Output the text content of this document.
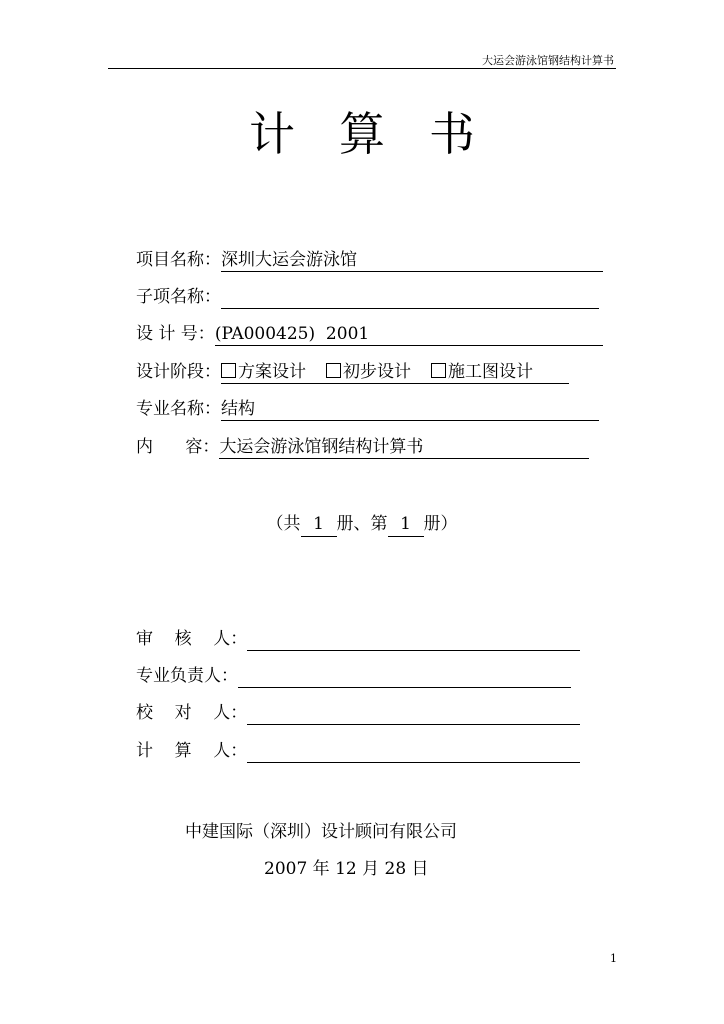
大运会游泳馆钢结构计算书
计算书
项目名称： 深圳大运会游泳馆
子项名称：
设 计 号： (PA000425)  2001
设计阶段：	方案设计 初步设计 施工图设计
专业名称： 结构
内      容： 大运会游泳馆钢结构计算书
（共 1 册、第 1 册）
审    核    人：
专业负责人：
校    对    人：
计    算    人：
中建国际（深圳）设计顾问有限公司
2007 年 12 月 28 日
1
